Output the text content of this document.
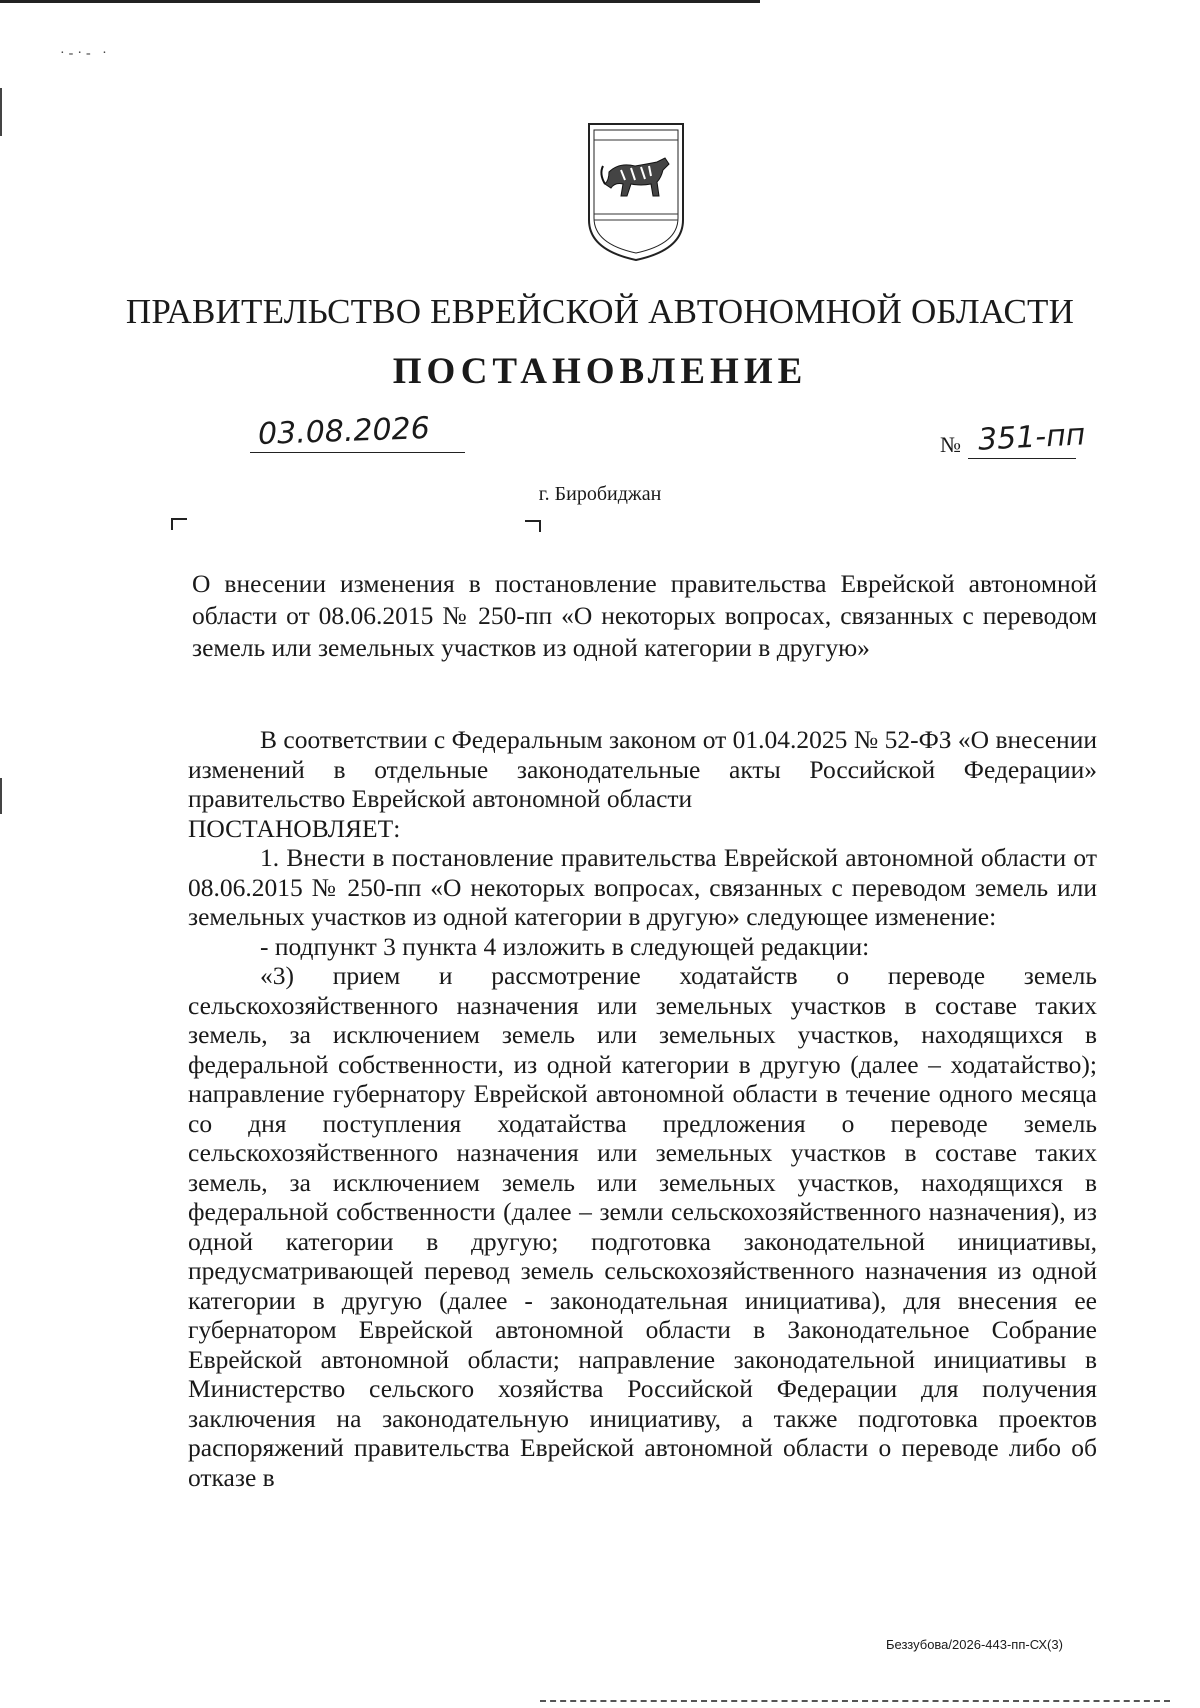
·‐·‐ ·
ПРАВИТЕЛЬСТВО ЕВРЕЙСКОЙ АВТОНОМНОЙ ОБЛАСТИ
ПОСТАНОВЛЕНИЕ
03.08.2026	№ 351-пп
г. Биробиджан
О внесении изменения в постановление правительства Еврейской автономной области от 08.06.2015 № 250-пп «О некоторых вопросах, связанных с переводом земель или земельных участков из одной категории в другую»

В соответствии с Федеральным законом от 01.04.2025 № 52-ФЗ «О внесении изменений в отдельные законодательные акты Российской Федерации» правительство Еврейской автономной области

ПОСТАНОВЛЯЕТ:

1. Внести в постановление правительства Еврейской автономной области от 08.06.2015 № 250-пп «О некоторых вопросах, связанных с переводом земель или земельных участков из одной категории в другую» следующее изменение:

- подпункт 3 пункта 4 изложить в следующей редакции:

«3) прием и рассмотрение ходатайств о переводе земель сельскохозяйственного назначения или земельных участков в составе таких земель, за исключением земель или земельных участков, находящихся в федеральной собственности, из одной категории в другую (далее – ходатайство); направление губернатору Еврейской автономной области в течение одного месяца со дня поступления ходатайства предложения о переводе земель сельскохозяйственного назначения или земельных участков в составе таких земель, за исключением земель или земельных участков, находящихся в федеральной собственности (далее – земли сельскохозяйственного назначения), из одной категории в другую; подготовка законодательной инициативы, предусматривающей перевод земель сельскохозяйственного назначения из одной категории в другую (далее - законодательная инициатива), для внесения ее губернатором Еврейской автономной области в Законодательное Собрание Еврейской автономной области; направление законодательной инициативы в Министерство сельского хозяйства Российской Федерации для получения заключения на законодательную инициативу, а также подготовка проектов распоряжений правительства Еврейской автономной области о переводе либо об отказе в

Беззубова/2026-443-пп-СХ(3)
